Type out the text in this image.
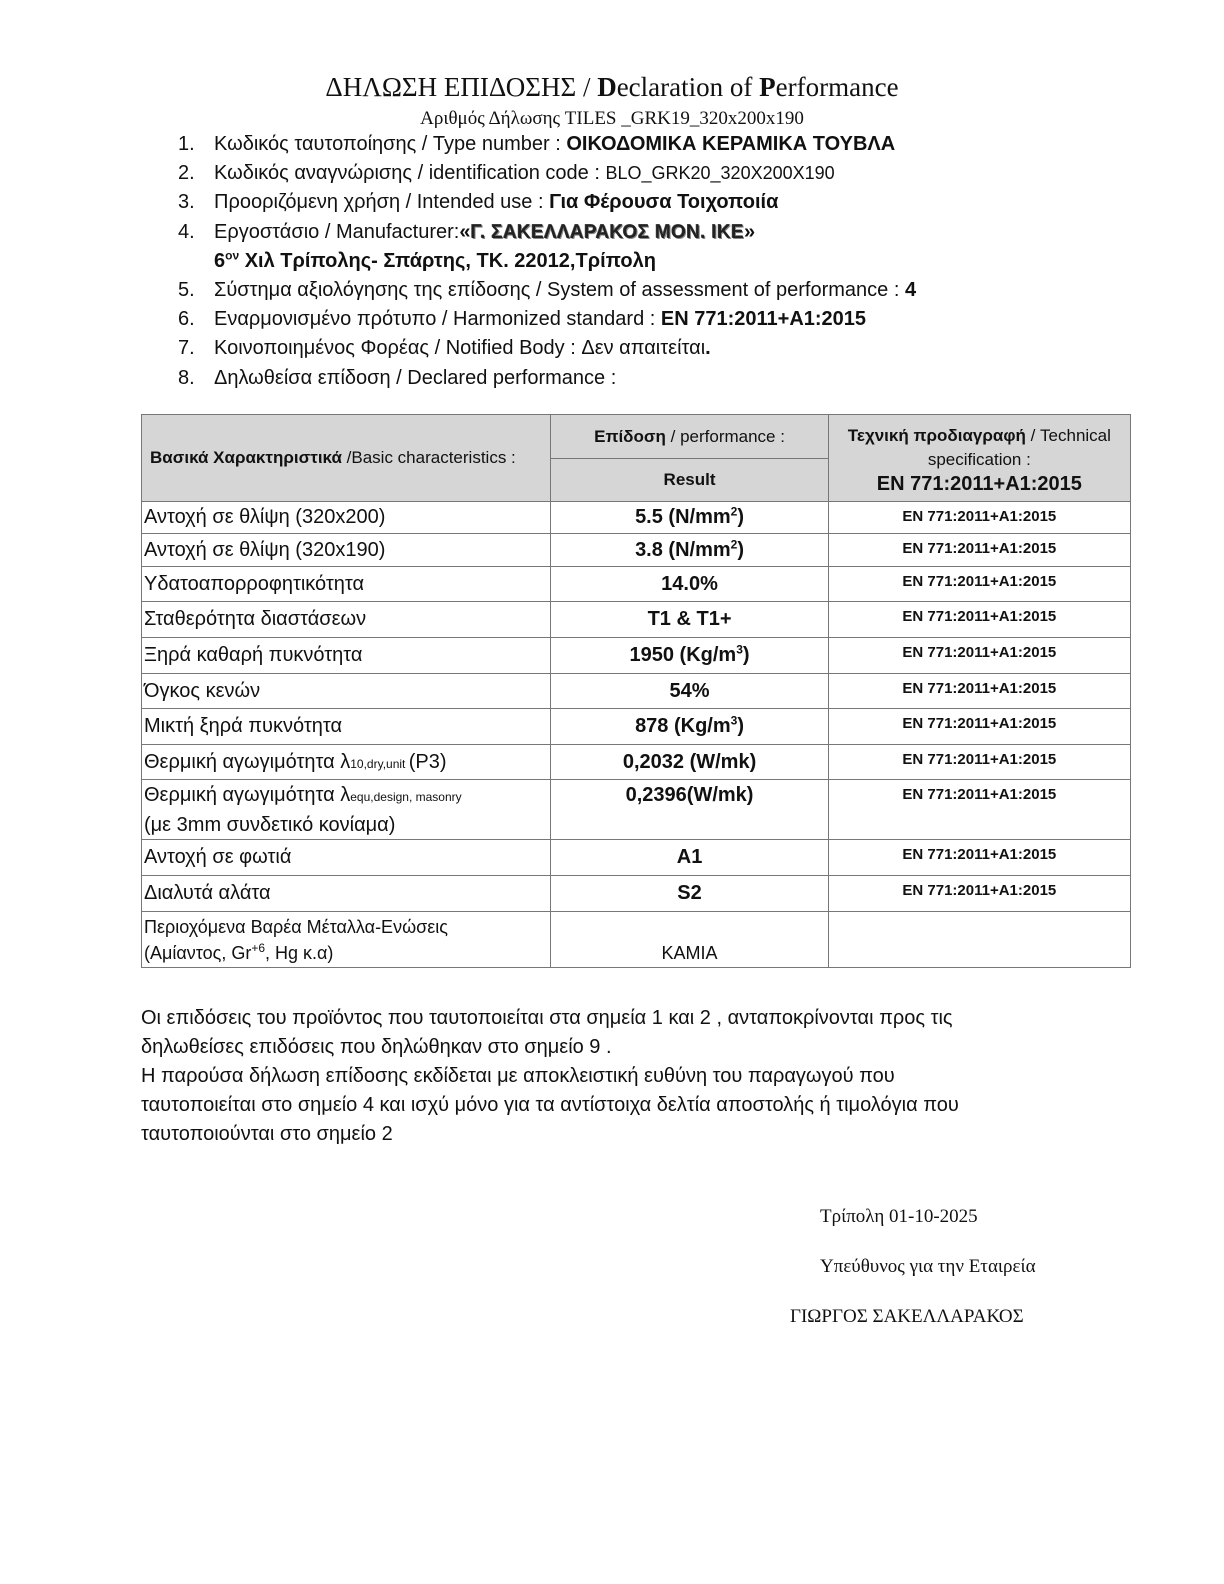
ΔΗΛΩΣΗ ΕΠΙΔΟΣΗΣ / Declaration of Performance
Αριθμός Δήλωσης TILES _GRK19_320x200x190
1. Κωδικός ταυτοποίησης / Type number : ΟΙΚΟΔΟΜΙΚΑ ΚΕΡΑΜΙΚΑ ΤΟΥΒΛΑ
2. Κωδικός αναγνώρισης / identification code : BLO_GRK20_320X200X190
3. Προοριζόμενη χρήση / Intended use : Για Φέρουσα Τοιχοποιία
4. Εργοστάσιο / Manufacturer:«Γ. ΣΑΚΕΛΛΑΡΑΚΟΣ ΜΟΝ. ΙΚΕ»
$6^{o\nu}$ Χιλ Τρίπολης- Σπάρτης, ΤΚ. 22012,Τρίπολη
5. Σύστημα αξιολόγησης της επίδοσης / System of assessment of performance : 4
6. Εναρμονισμένο πρότυπο / Harmonized standard : EN 771:2011+A1:2015
7. Κοινοποιημένος Φορέας / Notified Body : Δεν απαιτείται.
8. Δηλωθείσα επίδοση / Declared performance :
Βασικά Χαρακτηριστικά /Basic characteristics :	Επίδοση / performance :	Τεχνική προδιαγραφή / Technical specification :
EN 771:2011+A1:2015
	Result	
Αντοχή σε θλίψη (320x200)	5.5 $(N/mm^2)$	EN 771:2011+A1:2015
Αντοχή σε θλίψη (320x190)	3.8 $(N/mm^2)$	EN 771:2011+A1:2015
Υδατοαπορροφητικότητα	14.0%	EN 771:2011+A1:2015
Σταθερότητα διαστάσεων	T1 & T1+	EN 771:2011+A1:2015
Ξηρά καθαρή πυκνότητα	1950 $(Kg/m^3)$	EN 771:2011+A1:2015
Όγκος κενών	54%	EN 771:2011+A1:2015
Μικτή ξηρά πυκνότητα	878 $(Kg/m^3)$	EN 771:2011+A1:2015
Θερμική αγωγιμότητα λ10,dry,unit (P3)	0,2032 (W/mk)	EN 771:2011+A1:2015
Θερμική αγωγιμότητα λequ,design, masonry
(με 3mm συνδετικό κονίαμα)	0,2396(W/mk)	EN 771:2011+A1:2015
Αντοχή σε φωτιά	A1	EN 771:2011+A1:2015
Διαλυτά αλάτα	S2	EN 771:2011+A1:2015
Περιοχόμενα Βαρέα Μέταλλα-Ενώσεις
(Αμίαντος, $Gr^{+6}$, Hg κ.α)	ΚΑΜΙΑ	
Οι επιδόσεις του προϊόντος που ταυτοποιείται στα σημεία 1 και 2 , ανταποκρίνονται προς τις
δηλωθείσες επιδόσεις που δηλώθηκαν στο σημείο 9 .
Η παρούσα δήλωση επίδοσης εκδίδεται με αποκλειστική ευθύνη του παραγωγού που
ταυτοποιείται στο σημείο 4 και ισχύ μόνο για τα αντίστοιχα δελτία αποστολής ή τιμολόγια που
ταυτοποιούνται στο σημείο 2
Τρίπολη 01-10-2025
Υπεύθυνος για την Εταιρεία
ΓΙΩΡΓΟΣ ΣΑΚΕΛΛΑΡΑΚΟΣ
